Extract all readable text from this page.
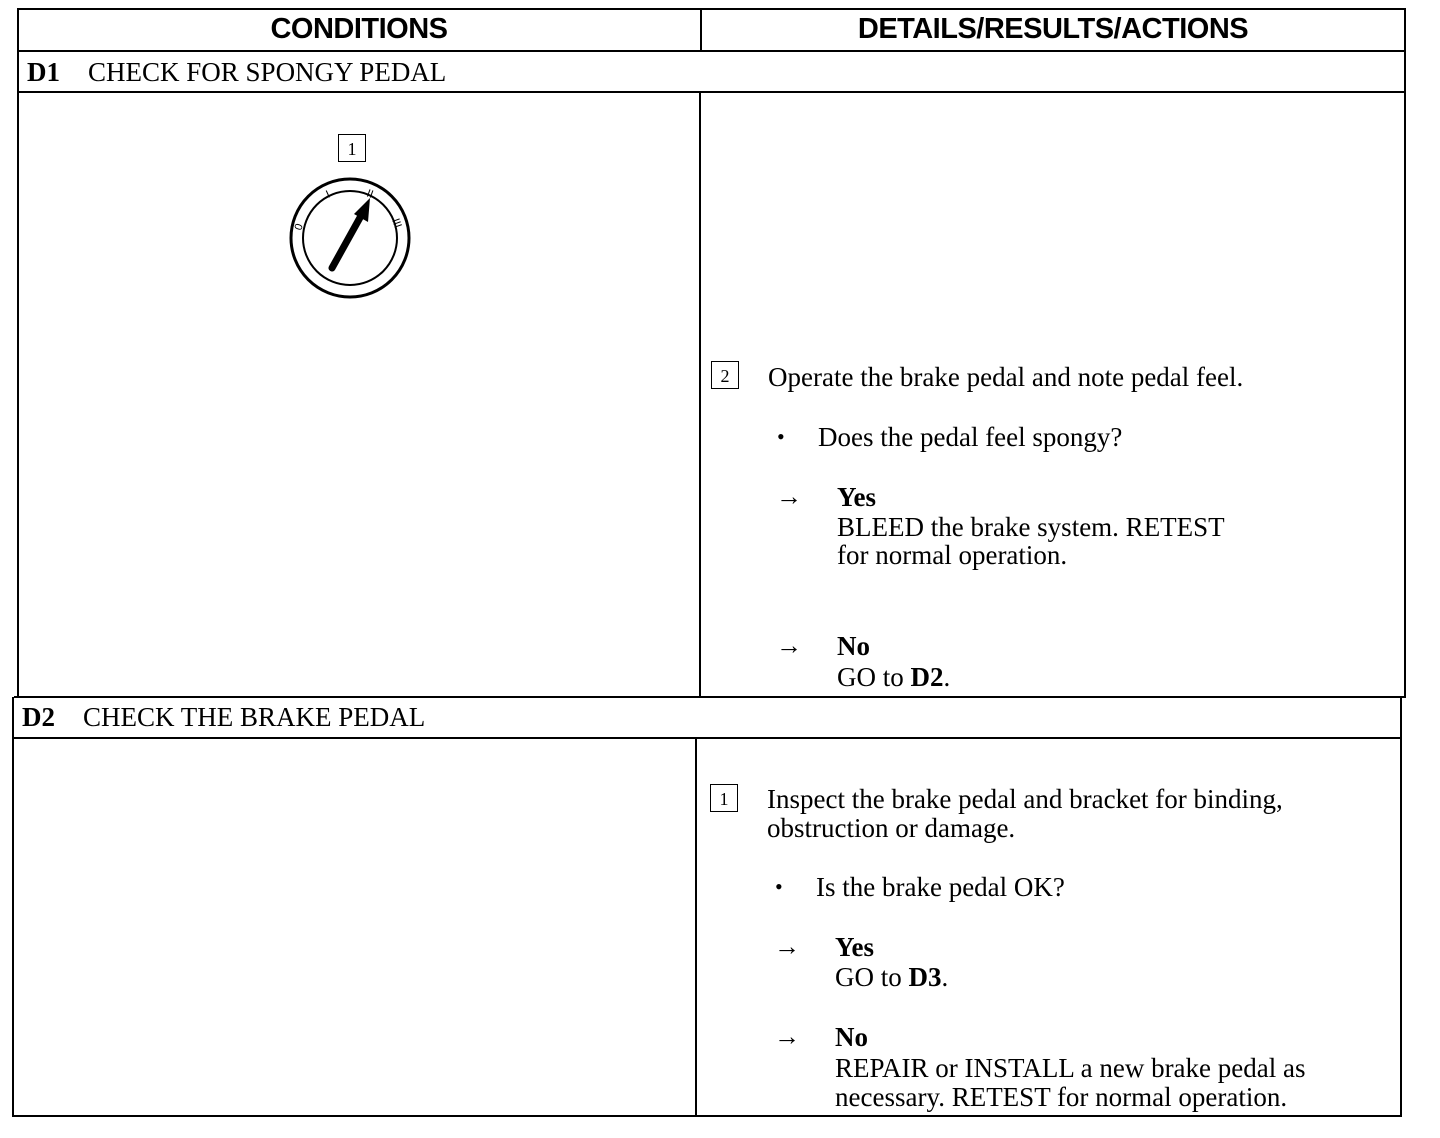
CONDITIONS	DETAILS/RESULTS/ACTIONS
D1 CHECK FOR SPONGY PEDAL
1
0
I	II
III
2	Operate the brake pedal and note pedal feel.
• Does the pedal feel spongy?
→ Yes
BLEED the brake system. RETEST
for normal operation.
→ No
GO to D2.
D2 CHECK THE BRAKE PEDAL
1	Inspect the brake pedal and bracket for binding,
obstruction or damage.
• Is the brake pedal OK?
→ Yes
GO to D3.
→ No
REPAIR or INSTALL a new brake pedal as
necessary. RETEST for normal operation.
